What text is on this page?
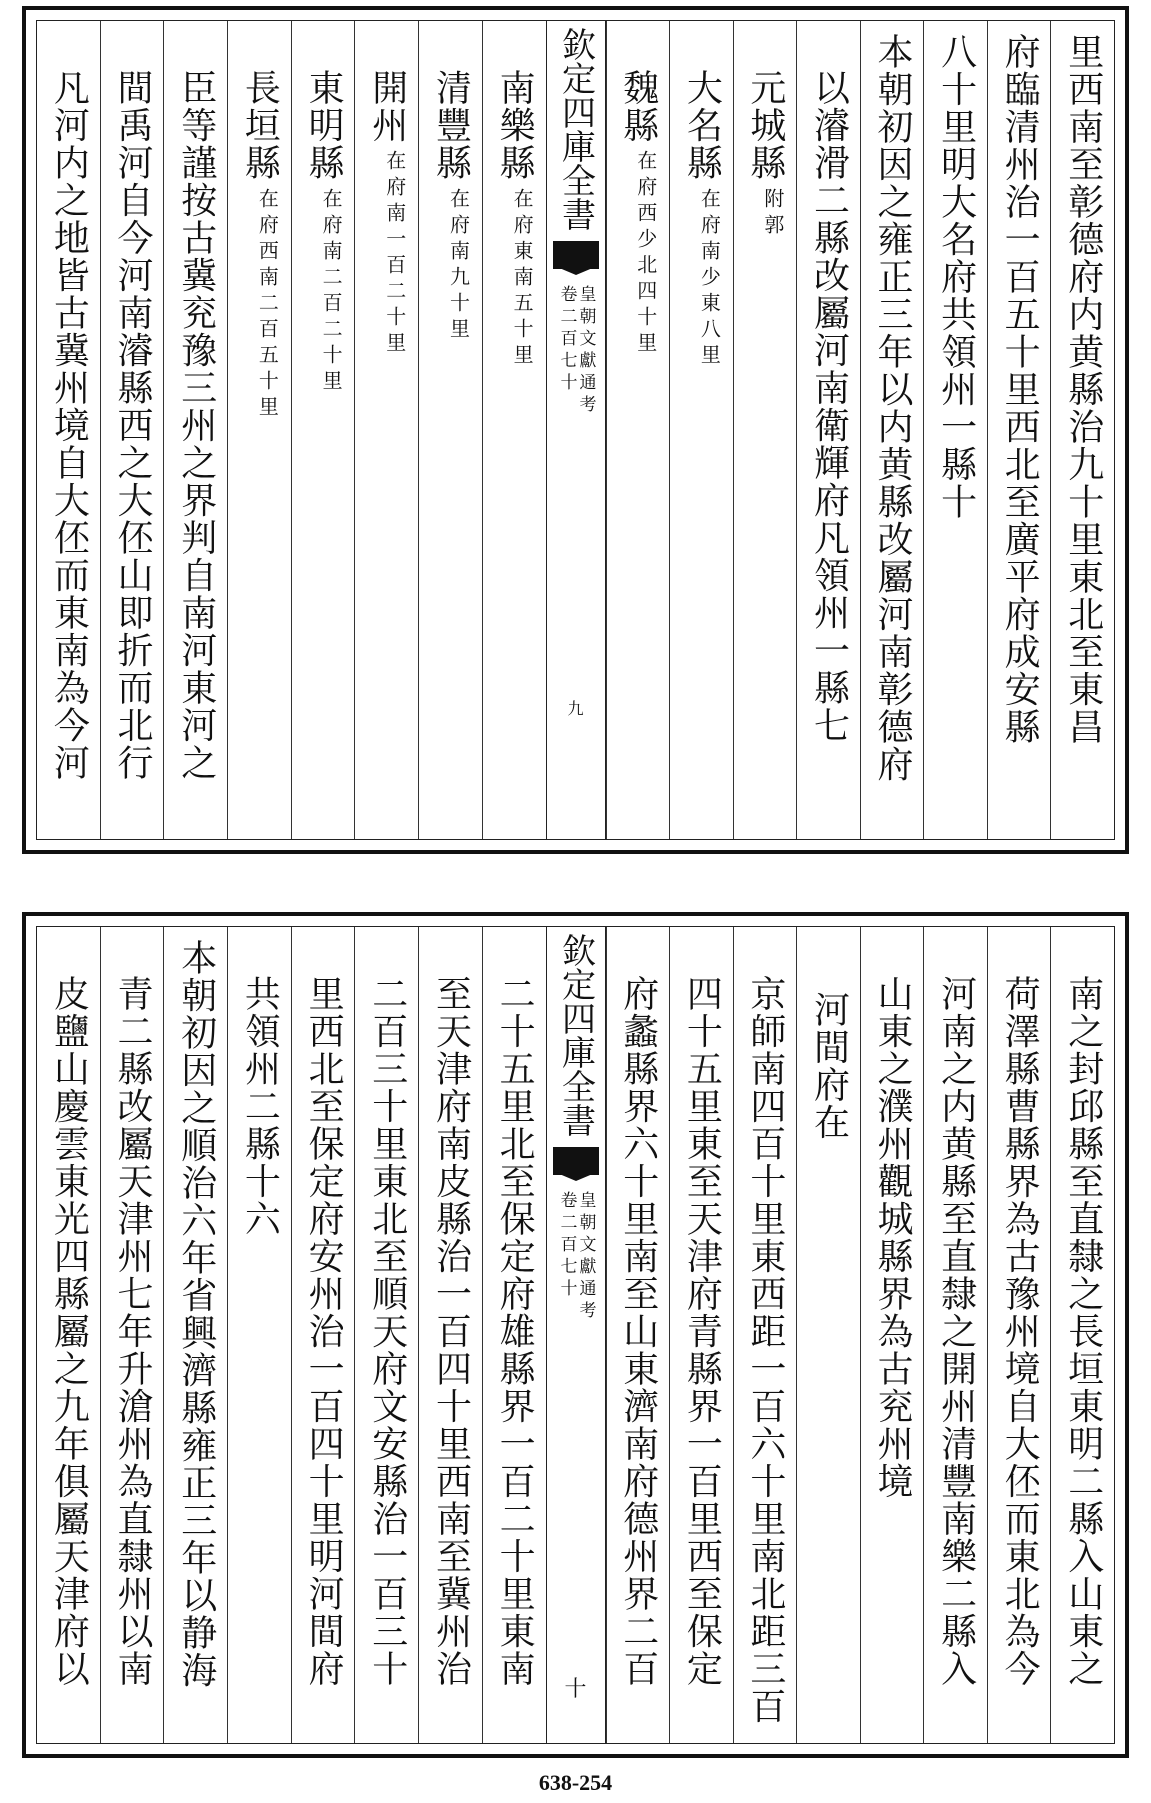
里西南至彰德府内黄縣治九十里東北至東昌
府臨清州治一百五十里西北至廣平府成安縣
八十里明大名府共領州一縣十
本朝初因之雍正三年以内黄縣改屬河南彰德府
以濬滑二縣改屬河南衛輝府凡領州一縣七
元城縣
附
郭
大名縣
在府南少
東八里
魏縣
在府西少
北四十里
欽定四庫全書
皇朝文獻通考
卷二百七十
九
南樂縣
在府東南
五十里
清豐縣
在府南
九十里
開州
在府南一
百二十里
東明縣
在府南二
百二十里
長垣縣
在府西南二
百五十里
臣等謹按古冀兖豫三州之界判自南河東河之
間禹河自今河南濬縣西之大伾山即折而北行
凡河内之地皆古冀州境自大伾而東南為今河
南之封邱縣至直隸之長垣東明二縣入山東之
荷澤縣曹縣界為古豫州境自大伾而東北為今
河南之内黄縣至直隸之開州清豐南樂二縣入
山東之濮州觀城縣界為古兖州境
河間府在
京師南四百十里東西距一百六十里南北距三百
四十五里東至天津府青縣界一百里西至保定
府蠡縣界六十里南至山東濟南府德州界二百
欽定四庫全書
皇朝文獻通考
卷二百七十
十
二十五里北至保定府雄縣界一百二十里東南
至天津府南皮縣治一百四十里西南至冀州治
二百三十里東北至順天府文安縣治一百三十
里西北至保定府安州治一百四十里明河間府
共領州二縣十六
本朝初因之順治六年省興濟縣雍正三年以静海
青二縣改屬天津州七年升滄州為直隸州以南
皮鹽山慶雲東光四縣屬之九年俱屬天津府以
638-254
